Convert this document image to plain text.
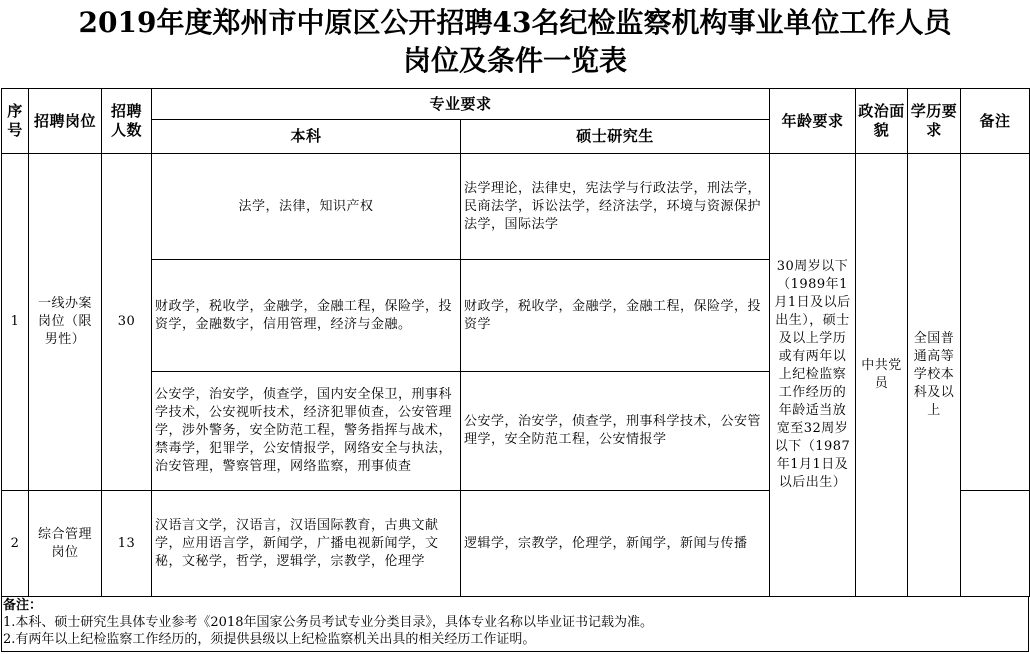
2019年度郑州市中原区公开招聘43名纪检监察机构事业单位工作人员
岗位及条件一览表
序号	招聘岗位	招聘人数	专业要求		年龄要求	政治面貌	学历要求	备注
			本科	硕士研究生				
1	一线办案岗位（限男性）	30	法学，法律，知识产权	法学理论，法律史，宪法学与行政法学，刑法学，民商法学，诉讼法学，经济法学，环境与资源保护法学，国际法学	30周岁以下（1989年1月1日及以后出生），硕士及以上学历或有两年以上纪检监察工作经历的年龄适当放宽至32周岁以下（1987年1月1日及以后出生）	中共党员	全国普通高等学校本科及以上	
			财政学，税收学，金融学，金融工程，保险学，投资学，金融数字，信用管理，经济与金融。	财政学，税收学，金融学，金融工程，保险学，投资学				
			公安学，治安学，侦查学，国内安全保卫，刑事科学技术，公安视听技术，经济犯罪侦查，公安管理学，涉外警务，安全防范工程，警务指挥与战术，禁毒学，犯罪学，公安情报学，网络安全与执法，治安管理，警察管理，网络监察，刑事侦查	公安学，治安学，侦查学，刑事科学技术，公安管理学，安全防范工程，公安情报学				
2	综合管理岗位	13	汉语言文学，汉语言，汉语国际教育，古典文献学，应用语言学，新闻学，广播电视新闻学，文秘，文秘学，哲学，逻辑学，宗教学，伦理学	逻辑学，宗教学，伦理学，新闻学，新闻与传播				
备注：
1.本科、硕士研究生具体专业参考《2018年国家公务员考试专业分类目录》，具体专业名称以毕业证书记载为准。
2.有两年以上纪检监察工作经历的，须提供县级以上纪检监察机关出具的相关经历工作证明。
